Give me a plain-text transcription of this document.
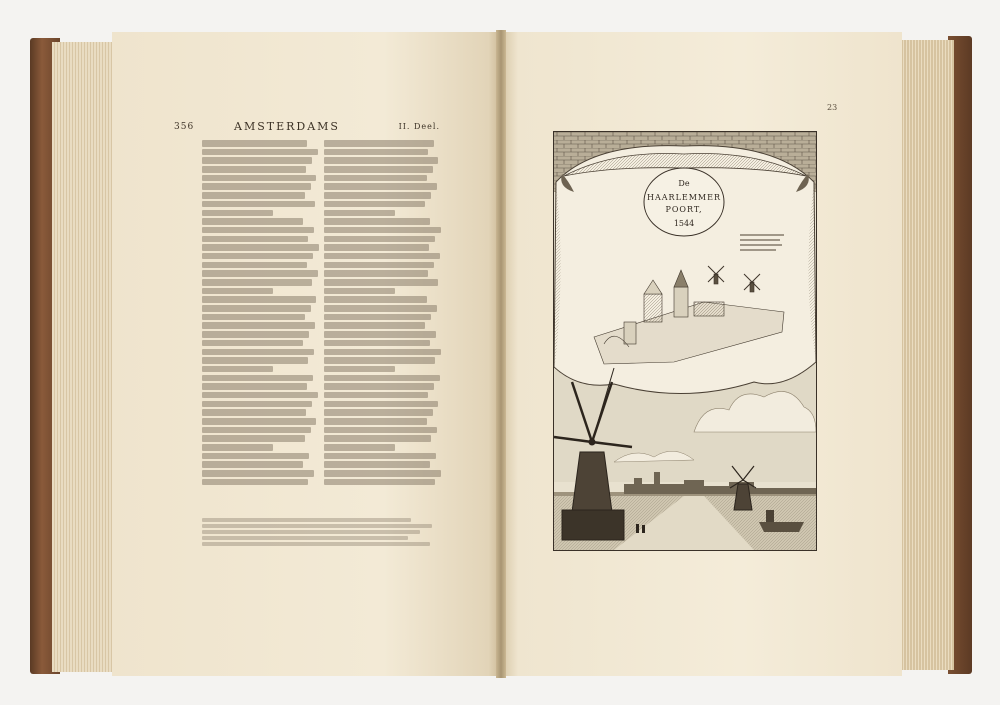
356	AMSTERDAMS	II. Deel.
23
De
HAARLEMMER
POORT,
1544
